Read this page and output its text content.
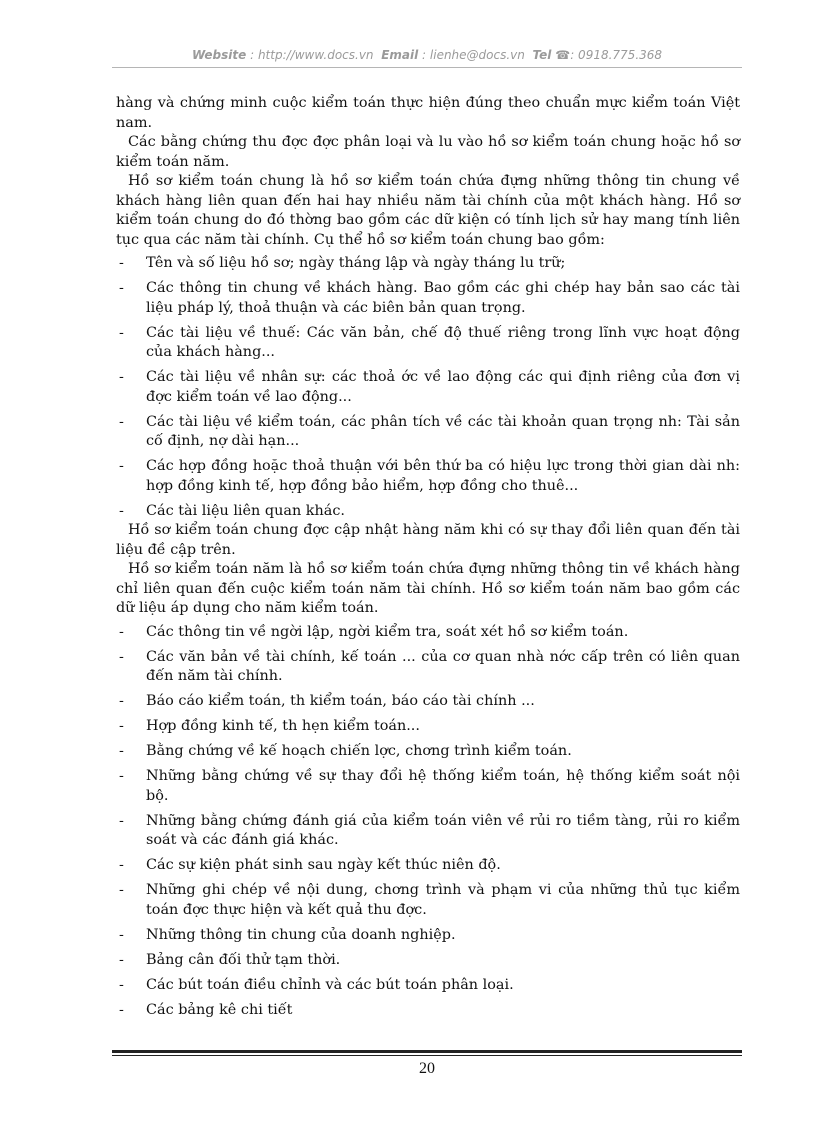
Website : http://www.docs.vn Email : lienhe@docs.vn Tel ☎: 0918.775.368

hàng và chứng minh cuộc kiểm toán thực hiện đúng theo chuẩn mực kiểm toán Việt nam.

Các bằng chứng thu đợc đợc phân loại và lu vào hồ sơ kiểm toán chung hoặc hồ sơ kiểm toán năm.

Hồ sơ kiểm toán chung là hồ sơ kiểm toán chứa đựng những thông tin chung về khách hàng liên quan đến hai hay nhiều năm tài chính của một khách hàng. Hồ sơ kiểm toán chung do đó thờng bao gồm các dữ kiện có tính lịch sử hay mang tính liên tục qua các năm tài chính. Cụ thể hồ sơ kiểm toán chung bao gồm:

- Tên và số liệu hồ sơ; ngày tháng lập và ngày tháng lu trữ;

- Các thông tin chung về khách hàng. Bao gồm các ghi chép hay bản sao các tài liệu pháp lý, thoả thuận và các biên bản quan trọng.

- Các tài liệu về thuế: Các văn bản, chế độ thuế riêng trong lĩnh vực hoạt động của khách hàng...

- Các tài liệu về nhân sự: các thoả ớc về lao động các qui định riêng của đơn vị đợc kiểm toán về lao động...

- Các tài liệu về kiểm toán, các phân tích về các tài khoản quan trọng nh: Tài sản cố định, nợ dài hạn...

- Các hợp đồng hoặc thoả thuận với bên thứ ba có hiệu lực trong thời gian dài nh: hợp đồng kinh tế, hợp đồng bảo hiểm, hợp đồng cho thuê...

- Các tài liệu liên quan khác.

Hồ sơ kiểm toán chung đợc cập nhật hàng năm khi có sự thay đổi liên quan đến tài liệu đề cập trên.

Hồ sơ kiểm toán năm là hồ sơ kiểm toán chứa đựng những thông tin về khách hàng chỉ liên quan đến cuộc kiểm toán năm tài chính. Hồ sơ kiểm toán năm bao gồm các dữ liệu áp dụng cho năm kiểm toán.

- Các thông tin về ngời lập, ngời kiểm tra, soát xét hồ sơ kiểm toán.

- Các văn bản về tài chính, kế toán ... của cơ quan nhà nớc cấp trên có liên quan đến năm tài chính.

- Báo cáo kiểm toán, th kiểm toán, báo cáo tài chính ...

- Hợp đồng kinh tế, th hẹn kiểm toán...

- Bằng chứng về kế hoạch chiến lợc, chơng trình kiểm toán.

- Những bằng chứng về sự thay đổi hệ thống kiểm toán, hệ thống kiểm soát nội bộ.

- Những bằng chứng đánh giá của kiểm toán viên về rủi ro tiềm tàng, rủi ro kiểm soát và các đánh giá khác.

- Các sự kiện phát sinh sau ngày kết thúc niên độ.

- Những ghi chép về nội dung, chơng trình và phạm vi của những thủ tục kiểm toán đợc thực hiện và kết quả thu đợc.

- Những thông tin chung của doanh nghiệp.

- Bảng cân đối thử tạm thời.

- Các bút toán điều chỉnh và các bút toán phân loại.

- Các bảng kê chi tiết

20
